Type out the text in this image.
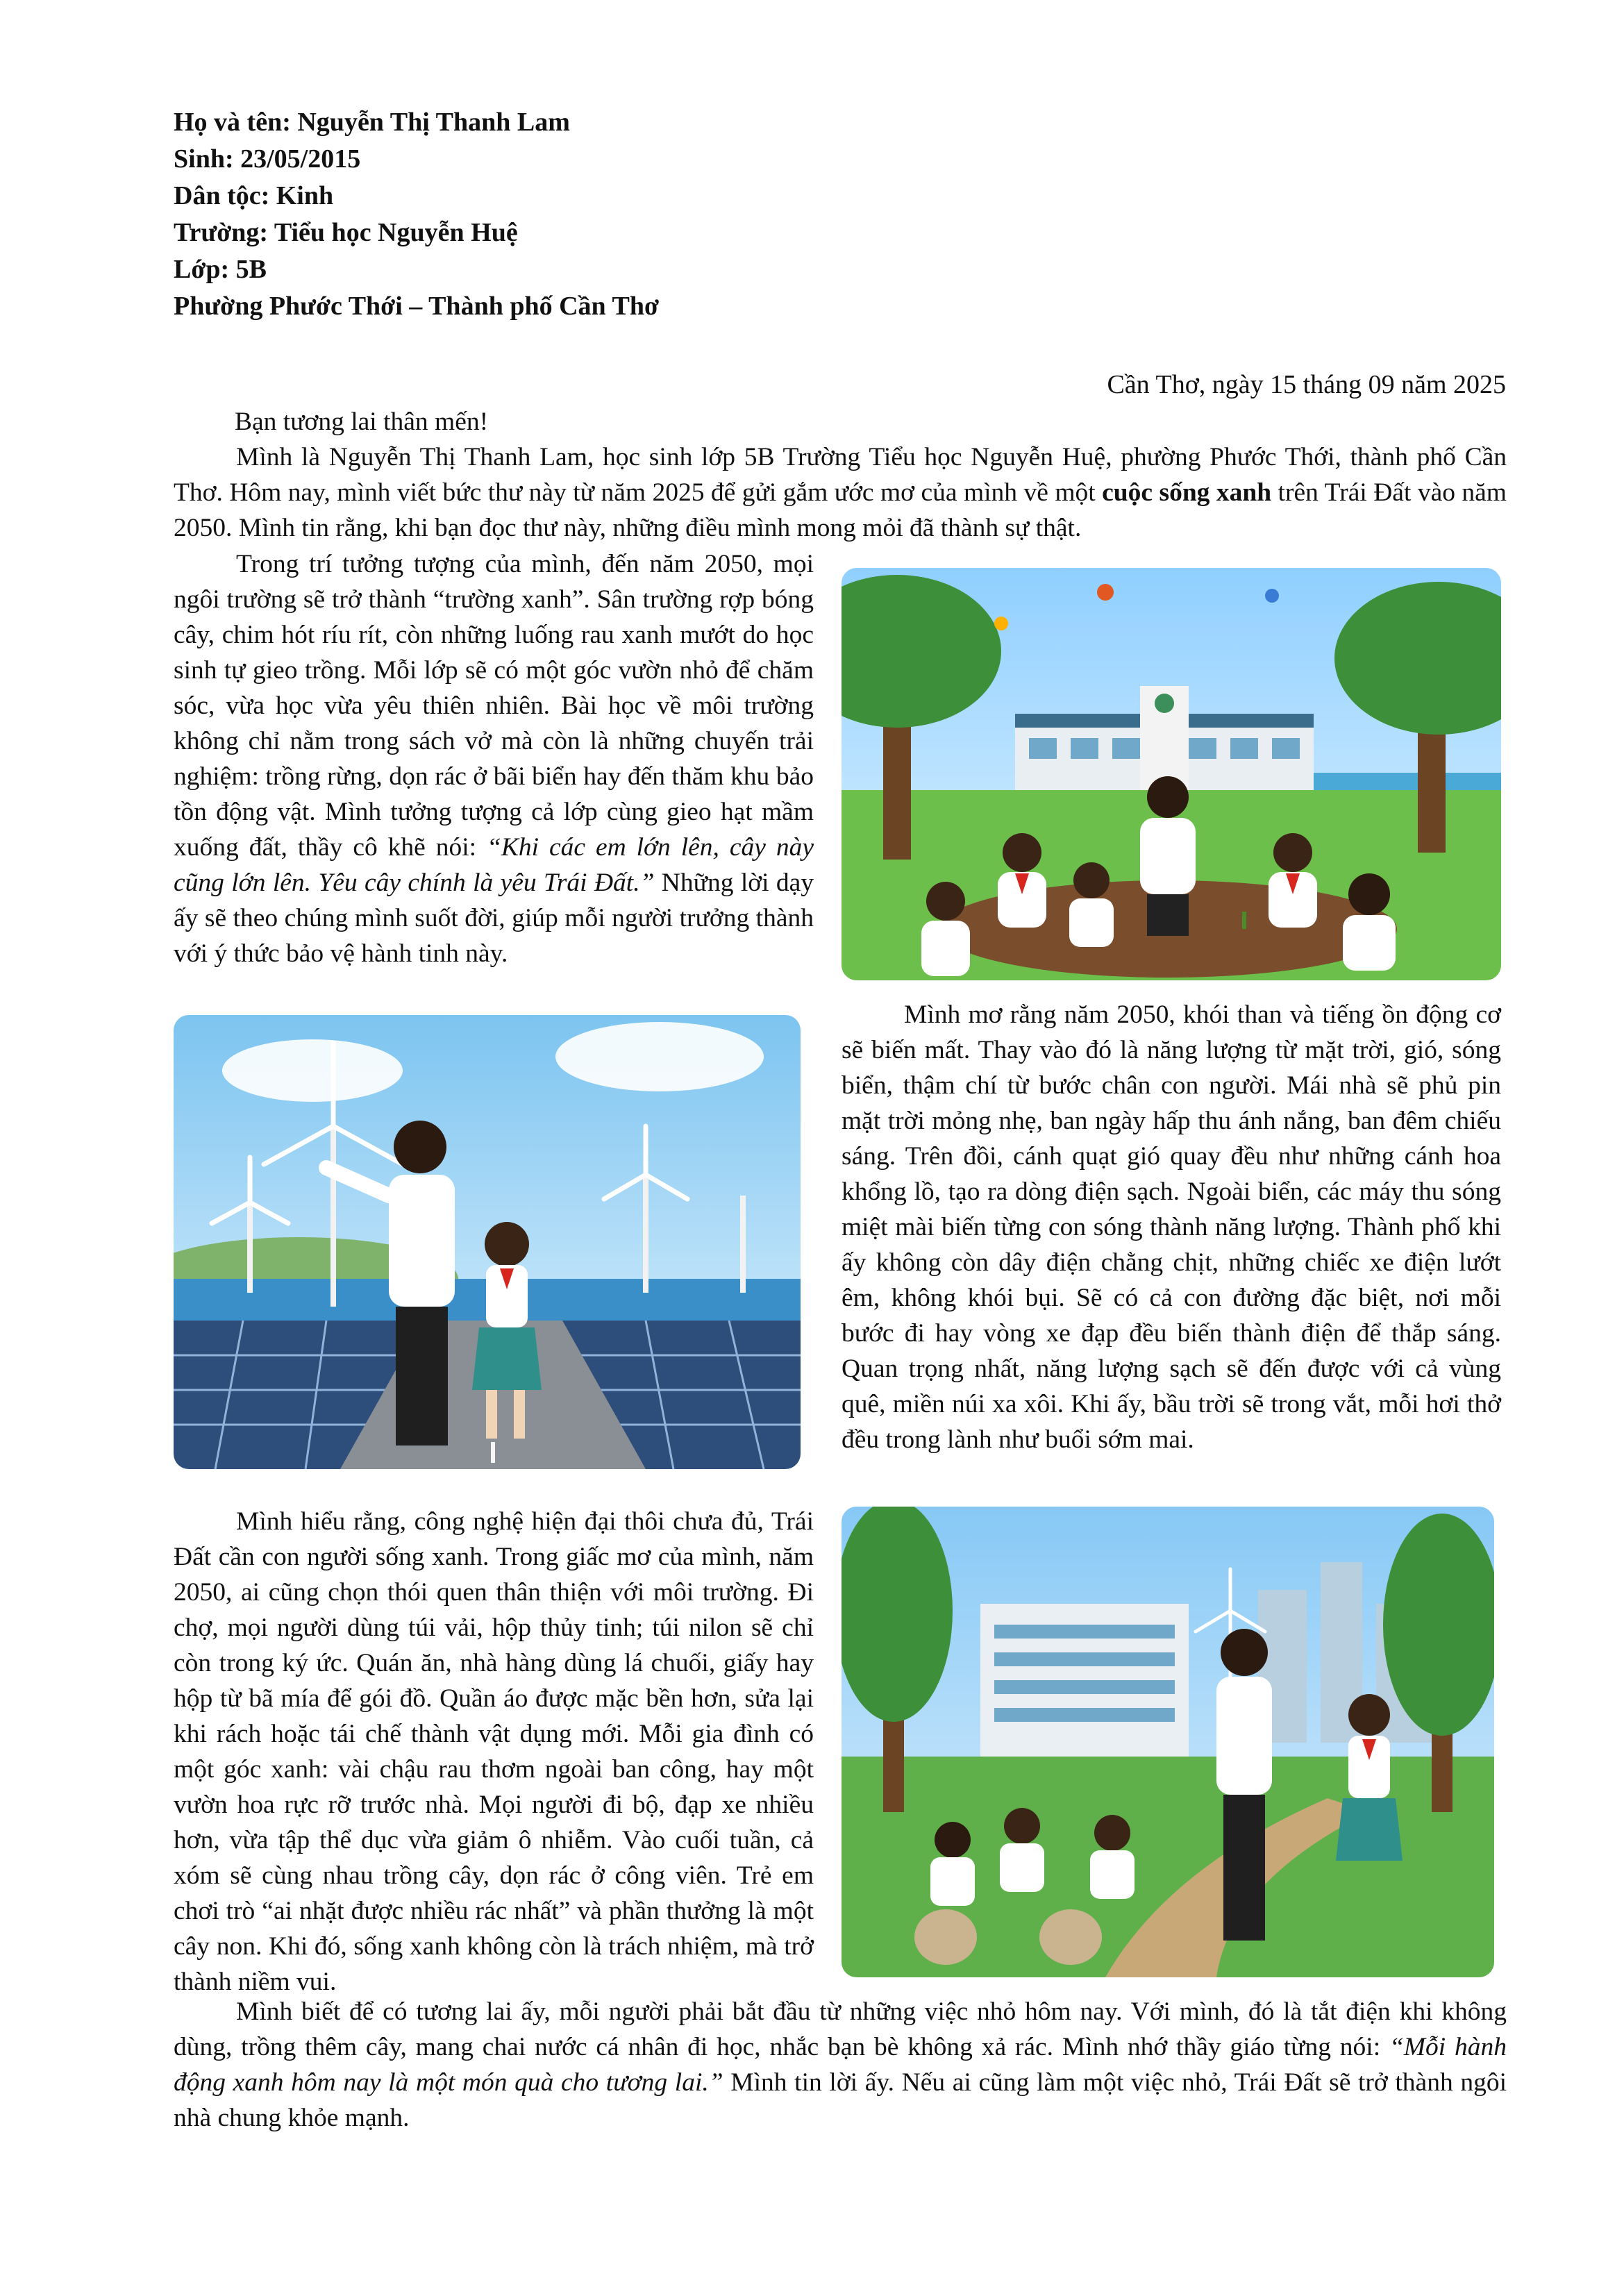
Họ và tên: Nguyễn Thị Thanh Lam
Sinh: 23/05/2015
Dân tộc: Kinh
Trường: Tiểu học Nguyễn Huệ
Lớp: 5B
Phường Phước Thới – Thành phố Cần Thơ
Cần Thơ, ngày 15 tháng 09 năm 2025

Bạn tương lai thân mến!

Mình là Nguyễn Thị Thanh Lam, học sinh lớp 5B Trường Tiểu học Nguyễn Huệ, phường Phước Thới, thành phố Cần Thơ. Hôm nay, mình viết bức thư này từ năm 2025 để gửi gắm ước mơ của mình về một cuộc sống xanh trên Trái Đất vào năm 2050. Mình tin rằng, khi bạn đọc thư này, những điều mình mong mỏi đã thành sự thật.

Trong trí tưởng tượng của mình, đến năm 2050, mọi ngôi trường sẽ trở thành “trường xanh”. Sân trường rợp bóng cây, chim hót ríu rít, còn những luống rau xanh mướt do học sinh tự gieo trồng. Mỗi lớp sẽ có một góc vườn nhỏ để chăm sóc, vừa học vừa yêu thiên nhiên. Bài học về môi trường không chỉ nằm trong sách vở mà còn là những chuyến trải nghiệm: trồng rừng, dọn rác ở bãi biển hay đến thăm khu bảo tồn động vật. Mình tưởng tượng cả lớp cùng gieo hạt mầm xuống đất, thầy cô khẽ nói: “Khi các em lớn lên, cây này cũng lớn lên. Yêu cây chính là yêu Trái Đất.” Những lời dạy ấy sẽ theo chúng mình suốt đời, giúp mỗi người trưởng thành với ý thức bảo vệ hành tinh này.

Mình mơ rằng năm 2050, khói than và tiếng ồn động cơ sẽ biến mất. Thay vào đó là năng lượng từ mặt trời, gió, sóng biển, thậm chí từ bước chân con người. Mái nhà sẽ phủ pin mặt trời mỏng nhẹ, ban ngày hấp thu ánh nắng, ban đêm chiếu sáng. Trên đồi, cánh quạt gió quay đều như những cánh hoa khổng lồ, tạo ra dòng điện sạch. Ngoài biển, các máy thu sóng miệt mài biến từng con sóng thành năng lượng. Thành phố khi ấy không còn dây điện chằng chịt, những chiếc xe điện lướt êm, không khói bụi. Sẽ có cả con đường đặc biệt, nơi mỗi bước đi hay vòng xe đạp đều biến thành điện để thắp sáng. Quan trọng nhất, năng lượng sạch sẽ đến được với cả vùng quê, miền núi xa xôi. Khi ấy, bầu trời sẽ trong vắt, mỗi hơi thở đều trong lành như buổi sớm mai.

Mình hiểu rằng, công nghệ hiện đại thôi chưa đủ, Trái Đất cần con người sống xanh. Trong giấc mơ của mình, năm 2050, ai cũng chọn thói quen thân thiện với môi trường. Đi chợ, mọi người dùng túi vải, hộp thủy tinh; túi nilon sẽ chỉ còn trong ký ức. Quán ăn, nhà hàng dùng lá chuối, giấy hay hộp từ bã mía để gói đồ. Quần áo được mặc bền hơn, sửa lại khi rách hoặc tái chế thành vật dụng mới. Mỗi gia đình có một góc xanh: vài chậu rau thơm ngoài ban công, hay một vườn hoa rực rỡ trước nhà. Mọi người đi bộ, đạp xe nhiều hơn, vừa tập thể dục vừa giảm ô nhiễm. Vào cuối tuần, cả xóm sẽ cùng nhau trồng cây, dọn rác ở công viên. Trẻ em chơi trò “ai nhặt được nhiều rác nhất” và phần thưởng là một cây non. Khi đó, sống xanh không còn là trách nhiệm, mà trở thành niềm vui.

Mình biết để có tương lai ấy, mỗi người phải bắt đầu từ những việc nhỏ hôm nay. Với mình, đó là tắt điện khi không dùng, trồng thêm cây, mang chai nước cá nhân đi học, nhắc bạn bè không xả rác. Mình nhớ thầy giáo từng nói: “Mỗi hành động xanh hôm nay là một món quà cho tương lai.” Mình tin lời ấy. Nếu ai cũng làm một việc nhỏ, Trái Đất sẽ trở thành ngôi nhà chung khỏe mạnh.
